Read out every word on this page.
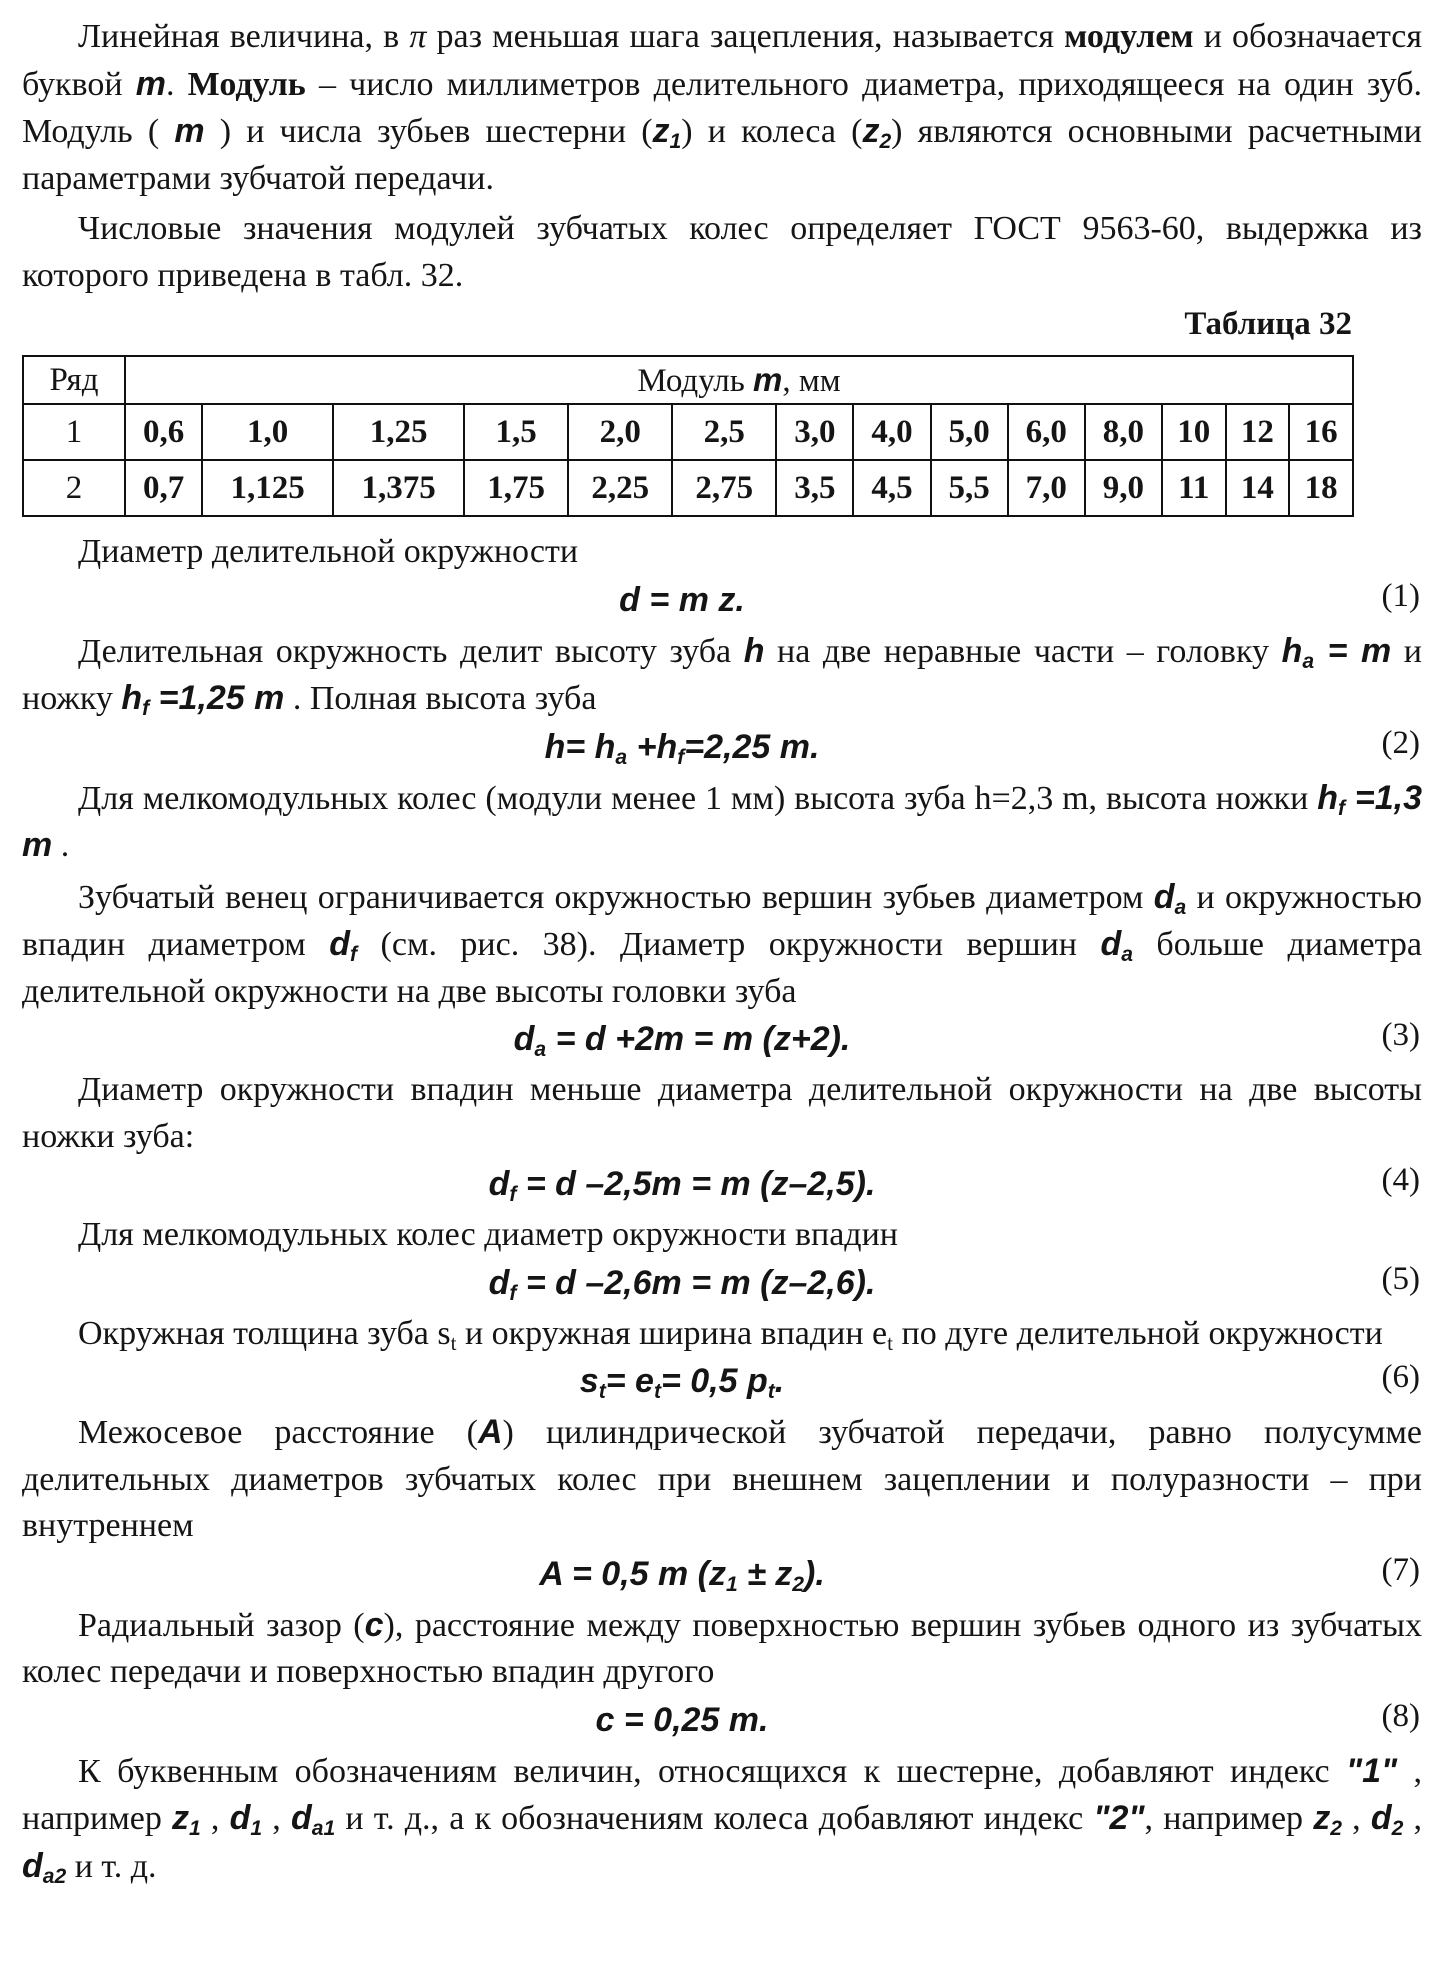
Линейная величина, в π раз меньшая шага зацепления, называется модулем и обозначается буквой m. Модуль – число миллиметров делительного диаметра, приходящееся на один зуб. Модуль ( m ) и числа зубьев шестерни $(z_1)$ и колеса $(z_2)$ являются основными расчетными параметрами зубчатой передачи.

Числовые значения модулей зубчатых колес определяет ГОСТ 9563-60, выдержка из которого приведена в табл. 32.

Таблица 32
Ряд	Модуль m, мм													
1	0,6	1,0	1,25	1,5	2,0	2,5	3,0	4,0	5,0	6,0	8,0	10	12	16
2	0,7	1,125	1,375	1,75	2,25	2,75	3,5	4,5	5,5	7,0	9,0	11	14	18

Диаметр делительной окружности

d = m z.	(1)

Делительная окружность делит высоту зуба h на две неравные части – головку $h_a = m$ и ножку $h_f =1,25$ m . Полная высота зуба

$h= h_a +h_f=2,25$ m.	(2)

Для мелкомодульных колес (модули менее 1 мм) высота зуба h=2,3 m, высота ножки $h_f =1,3$ m .

Зубчатый венец ограничивается окружностью вершин зубьев диаметром $d_a$ и окружностью впадин диаметром $d_f$ (см. рис. 38). Диаметр окружности вершин $d_a$ больше диаметра делительной окружности на две высоты головки зуба

$d_a = d +2m = m$ (z+2).	(3)

Диаметр окружности впадин меньше диаметра делительной окружности на две высоты ножки зуба:

$d_f = d$ –2,5m = m (z–2,5).	(4)

Для мелкомодульных колес диаметр окружности впадин

$d_f = d$ –2,6m = m (z–2,6).	(5)

Окружная толщина зуба $s_t$ и окружная ширина впадин $e_t$ по дуге делительной окружности

$s_t= e_t= 0,5$ $p_t$.	(6)

Межосевое расстояние (A) цилиндрической зубчатой передачи, равно полусумме делительных диаметров зубчатых колес при внешнем зацеплении и полуразности – при внутреннем

A = 0,5 m $(z_1 \pm z_2)$.	(7)

Радиальный зазор (c), расстояние между поверхностью вершин зубьев одного из зубчатых колес передачи и поверхностью впадин другого

c = 0,25 m.	(8)

К буквенным обозначениям величин, относящихся к шестерне, добавляют индекс "1" , например $z_1$ , $d_1$ , $d_{a1}$ и т. д., а к обозначениям колеса добавляют индекс "2", например $z_2$ , $d_2$ , $d_{a2}$ и т. д.
